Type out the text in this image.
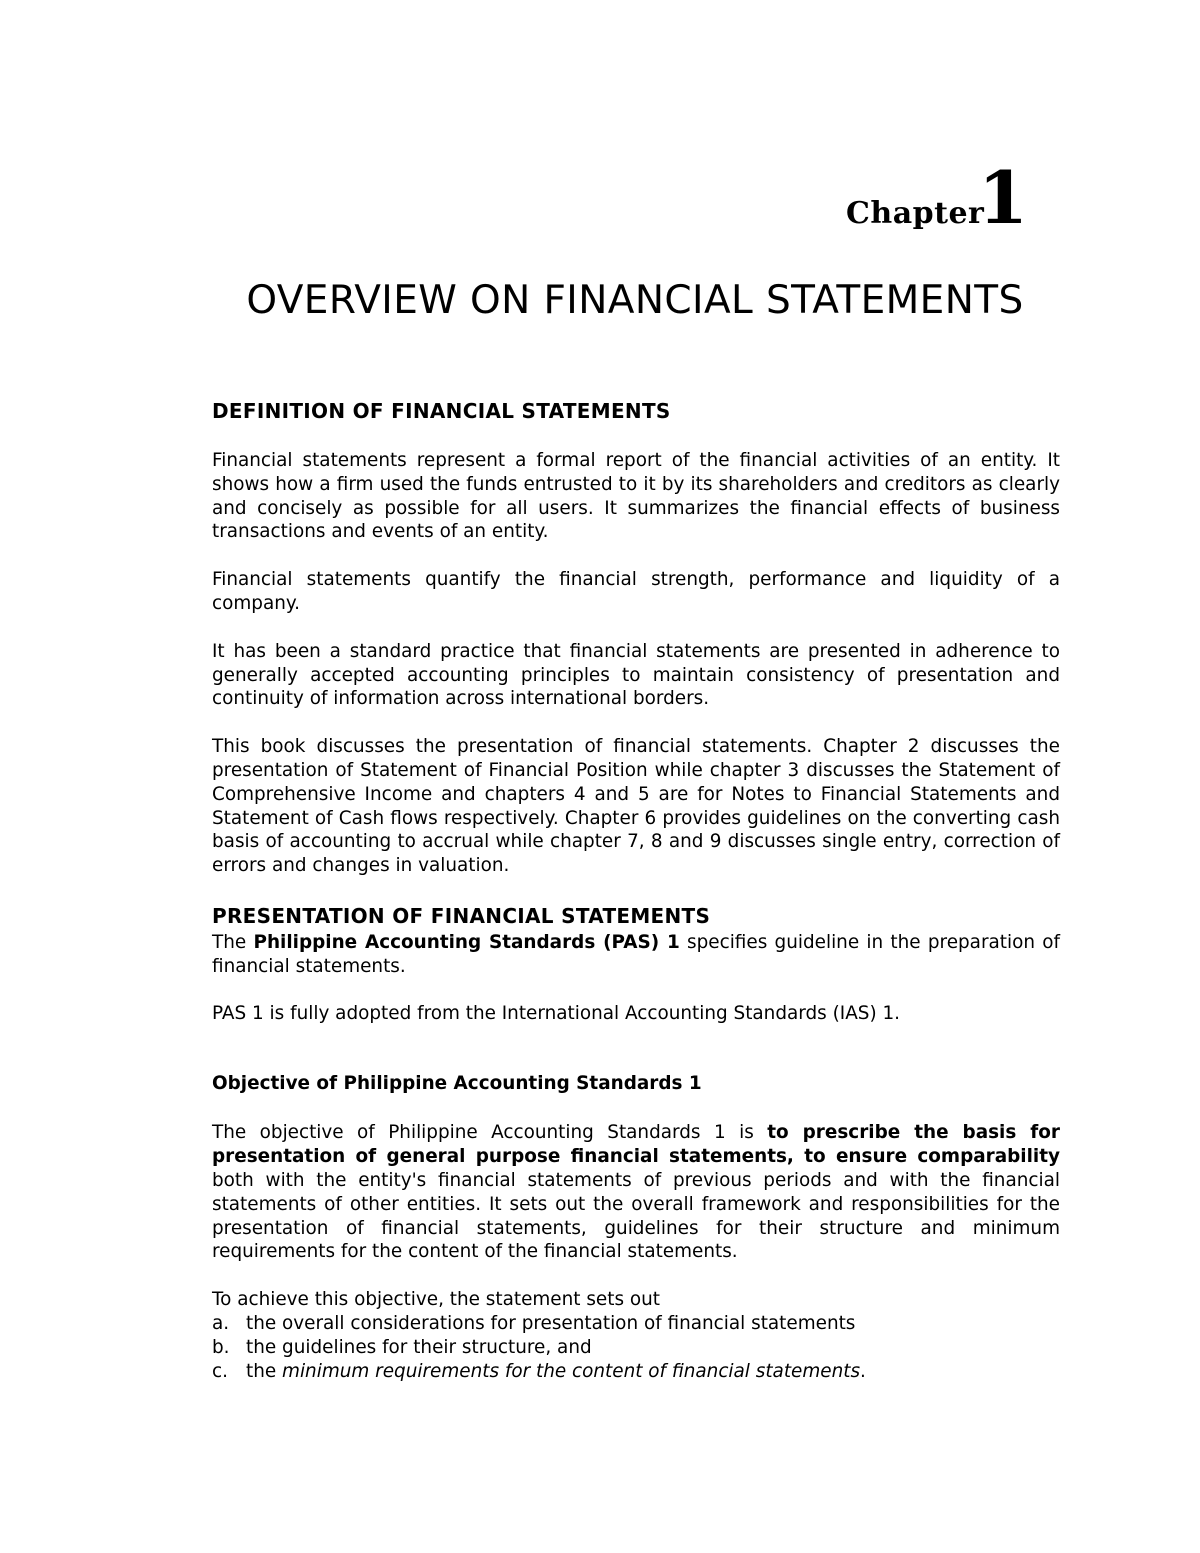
Chapter
1
OVERVIEW ON FINANCIAL STATEMENTS
DEFINITION OF FINANCIAL STATEMENTS

Financial statements represent a formal report of the financial activities of an entity. It shows how a firm used the funds entrusted to it by its shareholders and creditors as clearly and concisely as possible for all users. It summarizes the financial effects of business transactions and events of an entity.

Financial statements quantify the financial strength, performance and liquidity of a company.

It has been a standard practice that financial statements are presented in adherence to generally accepted accounting principles to maintain consistency of presentation and continuity of information across international borders.

This book discusses the presentation of financial statements. Chapter 2 discusses the presentation of Statement of Financial Position while chapter 3 discusses the Statement of Comprehensive Income and chapters 4 and 5 are for Notes to Financial Statements and Statement of Cash flows respectively. Chapter 6 provides guidelines on the converting cash basis of accounting to accrual while chapter 7, 8 and 9 discusses single entry, correction of errors and changes in valuation.

PRESENTATION OF FINANCIAL STATEMENTS

The Philippine Accounting Standards (PAS) 1 specifies guideline in the preparation of financial statements.

PAS 1 is fully adopted from the International Accounting Standards (IAS) 1.

Objective of Philippine Accounting Standards 1

The objective of Philippine Accounting Standards 1 is to prescribe the basis for presentation of general purpose financial statements, to ensure comparability both with the entity's financial statements of previous periods and with the financial statements of other entities. It sets out the overall framework and responsibilities for the presentation of financial statements, guidelines for their structure and minimum requirements for the content of the financial statements.

To achieve this objective, the statement sets out

a. the overall considerations for presentation of financial statements
b. the guidelines for their structure, and
c. the minimum requirements for the content of financial statements.
